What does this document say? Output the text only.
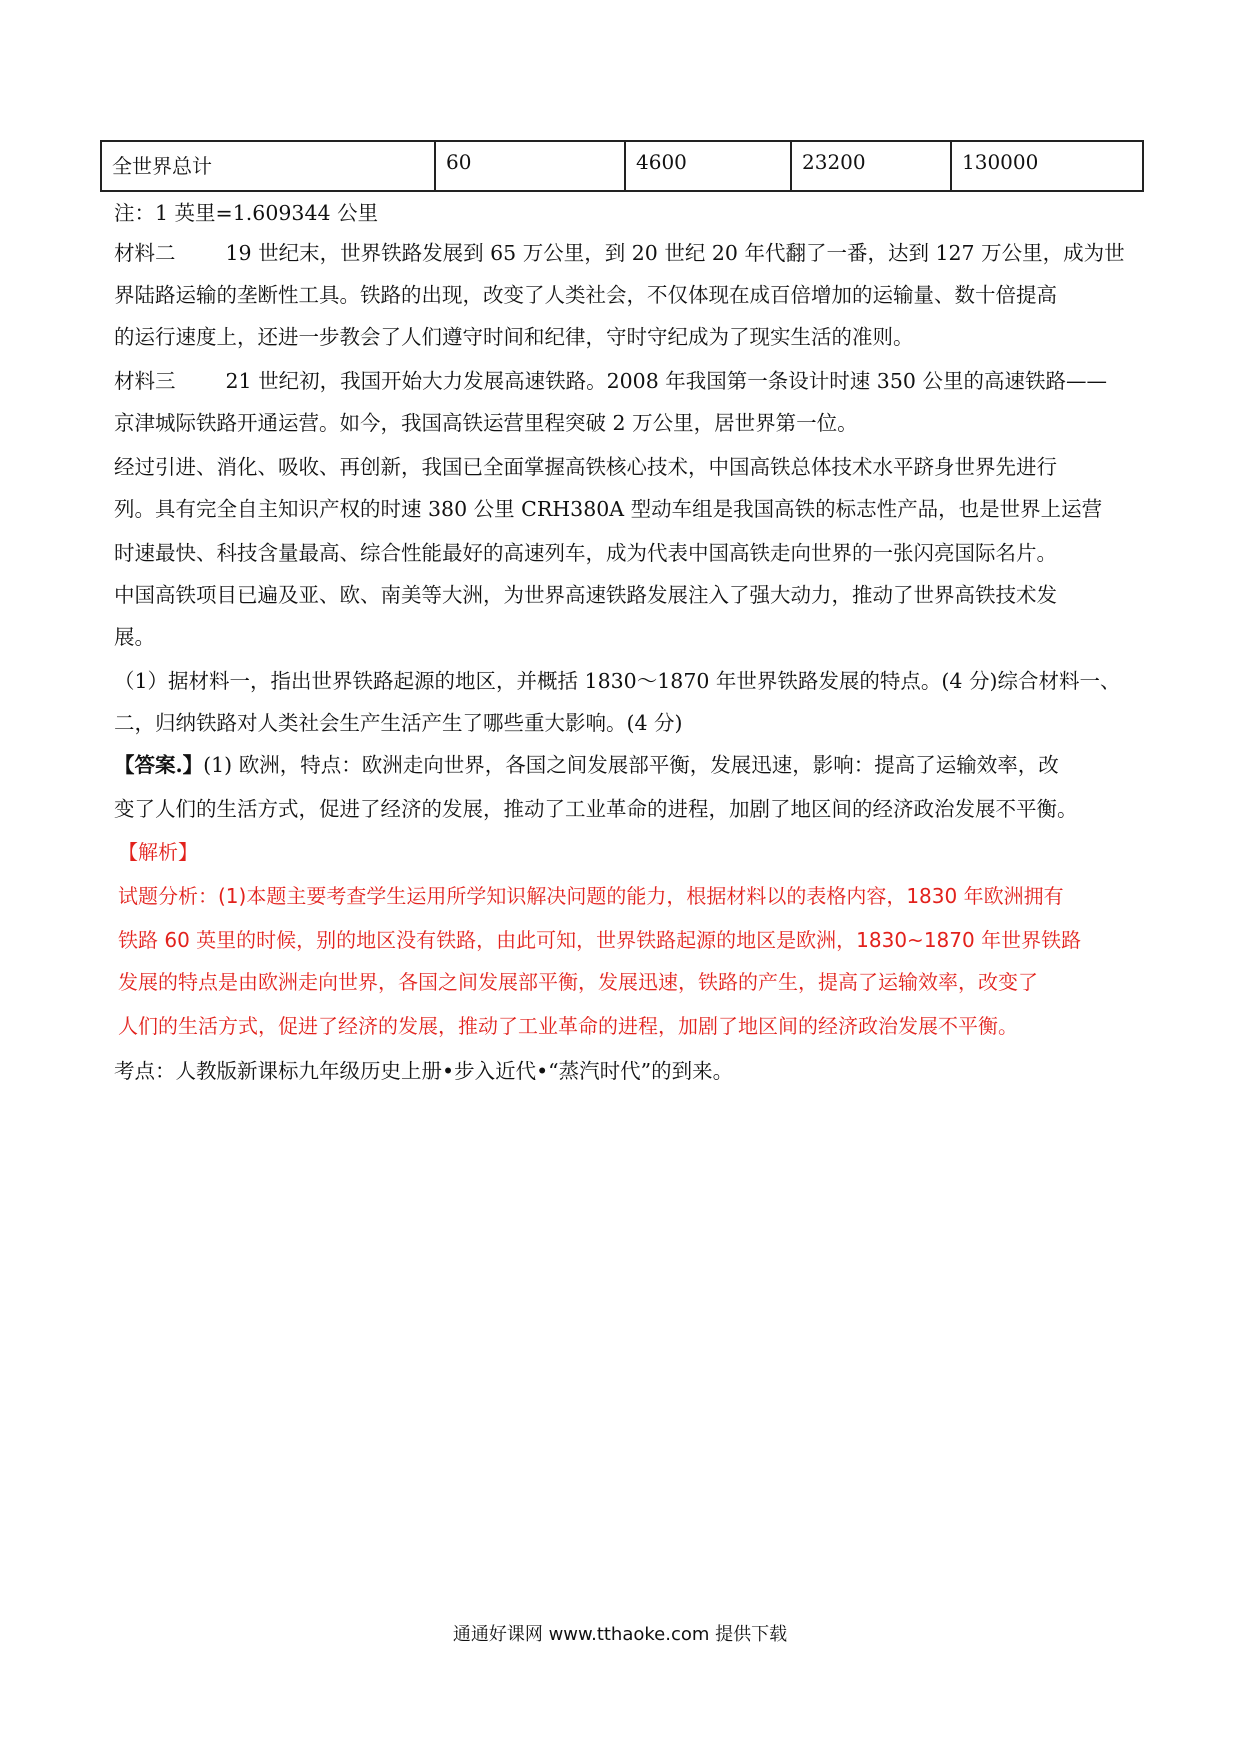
全世界总计	60	4600	23200	130000
注：1 英里=1.609344 公里
材料二 19 世纪末，世界铁路发展到 65 万公里，到 20 世纪 20 年代翻了一番，达到 127 万公里，成为世
界陆路运输的垄断性工具。铁路的出现，改变了人类社会，不仅体现在成百倍增加的运输量、数十倍提高
的运行速度上，还进一步教会了人们遵守时间和纪律，守时守纪成为了现实生活的准则。
材料三 21 世纪初，我国开始大力发展高速铁路。2008 年我国第一条设计时速 350 公里的高速铁路——
京津城际铁路开通运营。如今，我国高铁运营里程突破 2 万公里，居世界第一位。
经过引进、消化、吸收、再创新，我国已全面掌握高铁核心技术，中国高铁总体技术水平跻身世界先进行
列。具有完全自主知识产权的时速 380 公里 CRH380A 型动车组是我国高铁的标志性产品，也是世界上运营
时速最快、科技含量最高、综合性能最好的高速列车，成为代表中国高铁走向世界的一张闪亮国际名片。
中国高铁项目已遍及亚、欧、南美等大洲，为世界高速铁路发展注入了强大动力，推动了世界高铁技术发
展。
（1）据材料一，指出世界铁路起源的地区，并概括 1830～1870 年世界铁路发展的特点。(4 分)综合材料一、
二，归纳铁路对人类社会生产生活产生了哪些重大影响。(4 分)
【答案.】(1) 欧洲，特点：欧洲走向世界，各国之间发展部平衡，发展迅速，影响：提高了运输效率，改
变了人们的生活方式，促进了经济的发展，推动了工业革命的进程，加剧了地区间的经济政治发展不平衡。
【解析】
试题分析：(1)本题主要考查学生运用所学知识解决问题的能力，根据材料以的表格内容，1830 年欧洲拥有
铁路 60 英里的时候，别的地区没有铁路，由此可知，世界铁路起源的地区是欧洲，1830~1870 年世界铁路
发展的特点是由欧洲走向世界，各国之间发展部平衡，发展迅速，铁路的产生，提高了运输效率，改变了
人们的生活方式，促进了经济的发展，推动了工业革命的进程，加剧了地区间的经济政治发展不平衡。
考点：人教版新课标九年级历史上册•步入近代•“蒸汽时代”的到来。
通通好课网 www.tthaoke.com 提供下载
